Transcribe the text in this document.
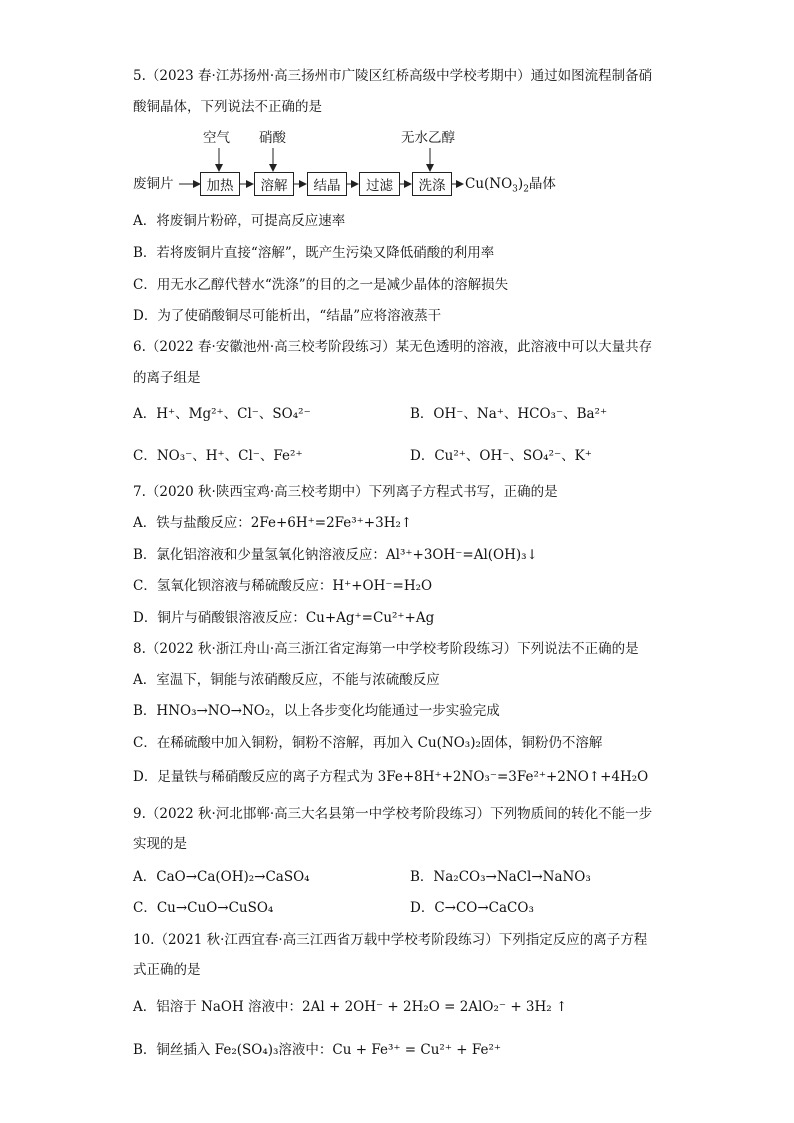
5.（2023 春·江苏扬州·高三扬州市广陵区红桥高级中学校考期中）通过如图流程制备硝
酸铜晶体，下列说法不正确的是
空气 硝酸	无水乙醇
废铜片	加热	溶解	结晶	过滤	洗涤	$Cu(NO_3)_2$晶体
A．将废铜片粉碎，可提高反应速率
B．若将废铜片直接“溶解”，既产生污染又降低硝酸的利用率
C．用无水乙醇代替水“洗涤”的目的之一是减少晶体的溶解损失
D．为了使硝酸铜尽可能析出，“结晶”应将溶液蒸干
6.（2022 春·安徽池州·高三校考阶段练习）某无色透明的溶液，此溶液中可以大量共存
的离子组是
A．H⁺、Mg²⁺、Cl⁻、SO₄²⁻	B．OH⁻、Na⁺、HCO₃⁻、Ba²⁺
C．NO₃⁻、H⁺、Cl⁻、Fe²⁺	D．Cu²⁺、OH⁻、SO₄²⁻、K⁺
7.（2020 秋·陕西宝鸡·高三校考期中）下列离子方程式书写，正确的是
A．铁与盐酸反应：2Fe+6H⁺=2Fe³⁺+3H₂↑
B．氯化铝溶液和少量氢氧化钠溶液反应：Al³⁺+3OH⁻=Al(OH)₃↓
C．氢氧化钡溶液与稀硫酸反应：H⁺+OH⁻=H₂O
D．铜片与硝酸银溶液反应：Cu+Ag⁺=Cu²⁺+Ag
8.（2022 秋·浙江舟山·高三浙江省定海第一中学校考阶段练习）下列说法不正确的是
A．室温下，铜能与浓硝酸反应，不能与浓硫酸反应
B．HNO₃→NO→NO₂，以上各步变化均能通过一步实验完成
C．在稀硫酸中加入铜粉，铜粉不溶解，再加入 Cu(NO₃)₂固体，铜粉仍不溶解
D．足量铁与稀硝酸反应的离子方程式为 3Fe+8H⁺+2NO₃⁻=3Fe²⁺+2NO↑+4H₂O
9.（2022 秋·河北邯郸·高三大名县第一中学校考阶段练习）下列物质间的转化不能一步
实现的是
A．CaO→Ca(OH)₂→CaSO₄	B．Na₂CO₃→NaCl→NaNO₃
C．Cu→CuO→CuSO₄	D．C→CO→CaCO₃
10.（2021 秋·江西宜春·高三江西省万载中学校考阶段练习）下列指定反应的离子方程
式正确的是
A．铝溶于 NaOH 溶液中：2Al + 2OH⁻ + 2H₂O = 2AlO₂⁻ + 3H₂ ↑
B．铜丝插入 Fe₂(SO₄)₃溶液中：Cu + Fe³⁺ = Cu²⁺ + Fe²⁺
